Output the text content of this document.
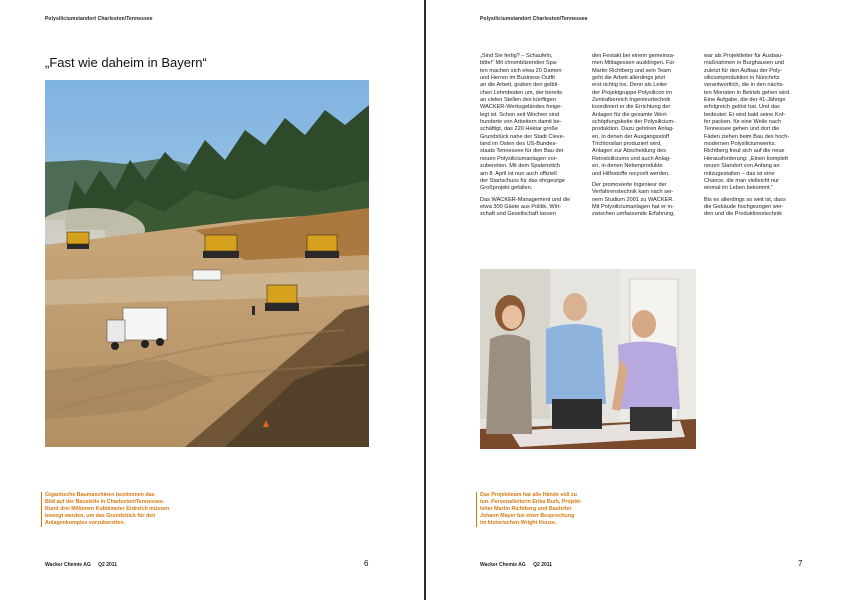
Polysiliciumstandort Charleston/Tennessee
„Fast wie daheim in Bayern“
Gigantische Baumaschinen bestimmen das
Bild auf der Baustelle in Charleston/Tennessee.
Rund drei Millionen Kubikmeter Erdreich müssen
bewegt werden, um das Grundstück für den
Anlagenkomplex vorzubereiten.
Wacker Chemie AG Q2 2011	6
Polysiliciumstandort Charleston/Tennessee
„Sind Sie fertig? – Schaufeln,
bitte!“ Mit chrombitzenden Spa-
ten machen sich etwa 20 Damen
und Herren im Business-Outfit
an die Arbeit, graben den gelbli-
chen Lehmboden um, der bereits
an vielen Stellen des künftigen
WACKER-Werksgeländes freige-
legt ist. Schon seit Wochen sind
hunderte von Arbeitern damit be-
schäftigt, das 220 Hektar große
Grundstück nahe der Stadt Cleve-
land im Osten des US-Bundes-
staats Tennessee für den Bau der
neuen Polysiliciumanlagen vor-
zubereiten. Mit dem Spatenstich
am 8. April ist nun auch offiziell
der Startschuss für das ehrgeizige
Großprojekt gefallen.
Das WACKER-Management und die
etwa 300 Gäste aus Politik, Wirt-
schaft und Gesellschaft lassen
den Festakt bei einem gemeinsa-
men Mittagessen ausklingen. Für
Martin Richtberg und sein Team
geht die Arbeit allerdings jetzt
erst richtig los. Denn als Leiter
der Projektgruppe Polysilicon im
Zentralbereich Ingenieurtechnik
koordiniert er die Errichtung der
Anlagen für die gesamte Wert-
schöpfungskette der Polysilicium-
produktion. Dazu gehören Anlag-
en, in denen der Ausgangsstoff
Trichlorsilan produziert wird,
Anlagen zur Abscheidung des
Reinstsiliciums und auch Anlag-
en, in denen Nebenprodukte
und Hilfsstoffe recycelt werden.
Der promovierte Ingenieur der
Verfahrenstechnik kam nach sei-
nem Studium 2001 zu WACKER.
Mit Polysiliciumanlagen hat er in-
zwischen umfassende Erfahrung,
war als Projektleiter für Ausbau-
maßnahmen in Burghausen und
zuletzt für den Aufbau der Poly-
siliciumproduktion in Nünchritz
verantwortlich, die in den nächs-
ten Monaten in Betrieb gehen wird.
Eine Aufgabe, die der 41-Jährige
erfolgreich gelöst hat. Und das
bedeutet: Er wird bald seine Kof-
fer packen, für eine Weile nach
Tennessee gehen und dort die
Fäden ziehen beim Bau des hoch-
modernen Polysiliciumwerks.
Richtberg freut sich auf die neue
Herausforderung: „Einen komplett
neuen Standort von Anfang an
mitzugestalten – das ist eine
Chance, die man vielleicht nur
einmal im Leben bekommt.“
Bis es allerdings so weit ist, dass
die Gebäude hochgezogen wer-
den und die Produktionstechnik
Das Projektteam hat alle Hände voll zu
tun. Personalleiterin Erika Burk, Projekt-
leiter Martin Richtberg und Bauleiter
Johann Mayer bei einer Besprechung
im historischen Wright House.
Wacker Chemie AG Q2 2011	7
